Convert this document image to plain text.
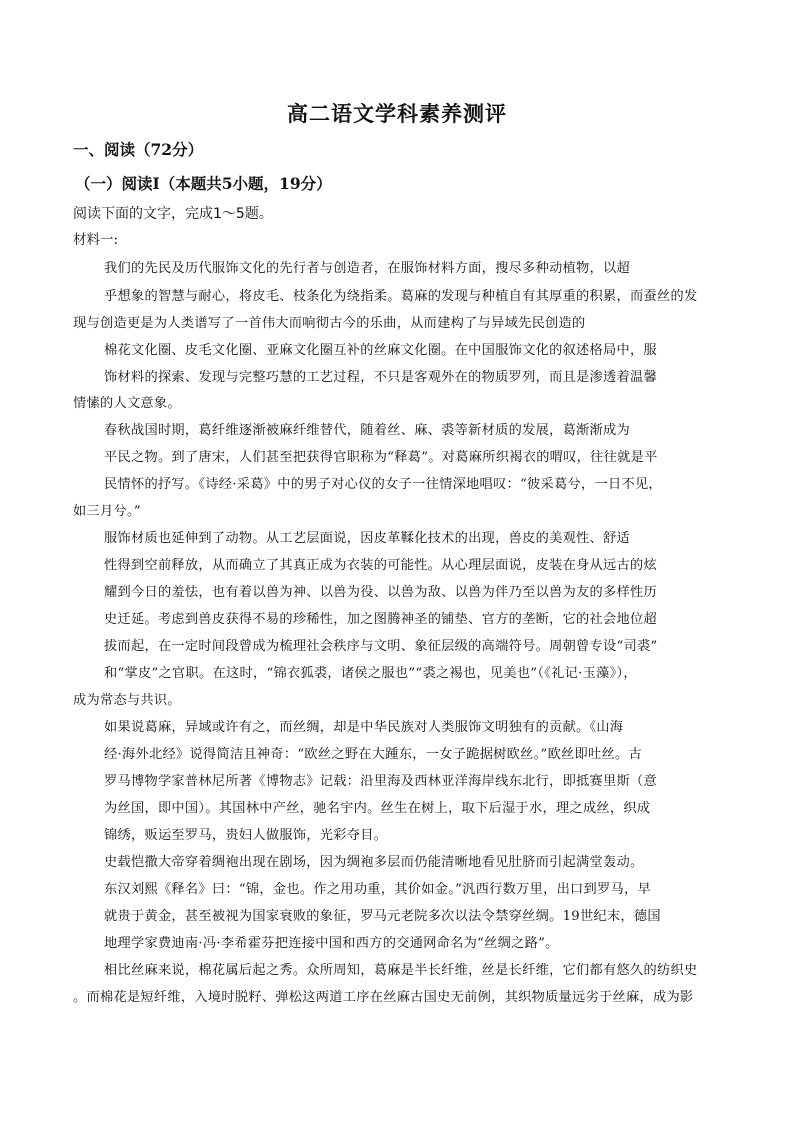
高二语文学科素养测评
一、阅读（72分）
（一）阅读Ⅰ（本题共5小题，19分）
阅读下面的文字，完成1～5题。
材料一:
我们的先民及历代服饰文化的先行者与创造者，在服饰材料方面，搜尽多种动植物，以超
乎想象的智慧与耐心，将皮毛、枝条化为绕指柔。葛麻的发现与种植自有其厚重的积累，而蚕丝的发
现与创造更是为人类谱写了一首伟大而响彻古今的乐曲，从而建构了与异域先民创造的
棉花文化圈、皮毛文化圈、亚麻文化圈互补的丝麻文化圈。在中国服饰文化的叙述格局中，服
饰材料的探索、发现与完整巧慧的工艺过程，不只是客观外在的物质罗列，而且是渗透着温馨
情愫的人文意象。
春秋战国时期，葛纤维逐渐被麻纤维替代，随着丝、麻、裘等新材质的发展，葛渐渐成为
平民之物。到了唐宋，人们甚至把获得官职称为“释葛”。对葛麻所织褐衣的喟叹，往往就是平
民情怀的抒写。《诗经·采葛》中的男子对心仪的女子一往情深地唱叹：“彼采葛兮，一日不见，
如三月兮。”
服饰材质也延伸到了动物。从工艺层面说，因皮革鞣化技术的出现，兽皮的美观性、舒适
性得到空前释放，从而确立了其真正成为衣装的可能性。从心理层面说，皮装在身从远古的炫
耀到今日的羞怯，也有着以兽为神、以兽为役、以兽为敌、以兽为伴乃至以兽为友的多样性历
史迁延。考虑到兽皮获得不易的珍稀性，加之图腾神圣的铺垫、官方的垄断，它的社会地位超
拔而起，在一定时间段曾成为梳理社会秩序与文明、象征层级的高端符号。周朝曾专设“司裘”
和“掌皮”之官职。在这时，“锦衣狐裘，诸侯之服也”“裘之裼也，见美也”（《礼记·玉藻》），
成为常态与共识。
如果说葛麻，异域或许有之，而丝绸，却是中华民族对人类服饰文明独有的贡献。《山海
经·海外北经》说得简洁且神奇：“欧丝之野在大踵东，一女子跪据树欧丝。”欧丝即吐丝。古
罗马博物学家普林尼所著《博物志》记载：沿里海及西林亚洋海岸线东北行，即抵赛里斯（意
为丝国，即中国）。其国林中产丝，驰名宇内。丝生在树上，取下后湿于水，理之成丝，织成
锦绣，贩运至罗马，贵妇人做服饰，光彩夺目。
史载恺撒大帝穿着绸袍出现在剧场，因为绸袍多层而仍能清晰地看见肚脐而引起满堂轰动。
东汉刘熙《释名》曰：“锦，金也。作之用功重，其价如金。”汎西行数万里，出口到罗马，早
就贵于黄金，甚至被视为国家衰败的象征，罗马元老院多次以法令禁穿丝绸。19世纪末，德国
地理学家费迪南·冯·李希霍芬把连接中国和西方的交通网命名为“丝绸之路”。
相比丝麻来说，棉花属后起之秀。众所周知，葛麻是半长纤维，丝是长纤维，它们都有悠久的纺织史
。而棉花是短纤维，入境时脱籽、弹松这两道工序在丝麻古国史无前例，其织物质量远劣于丝麻，成为影
